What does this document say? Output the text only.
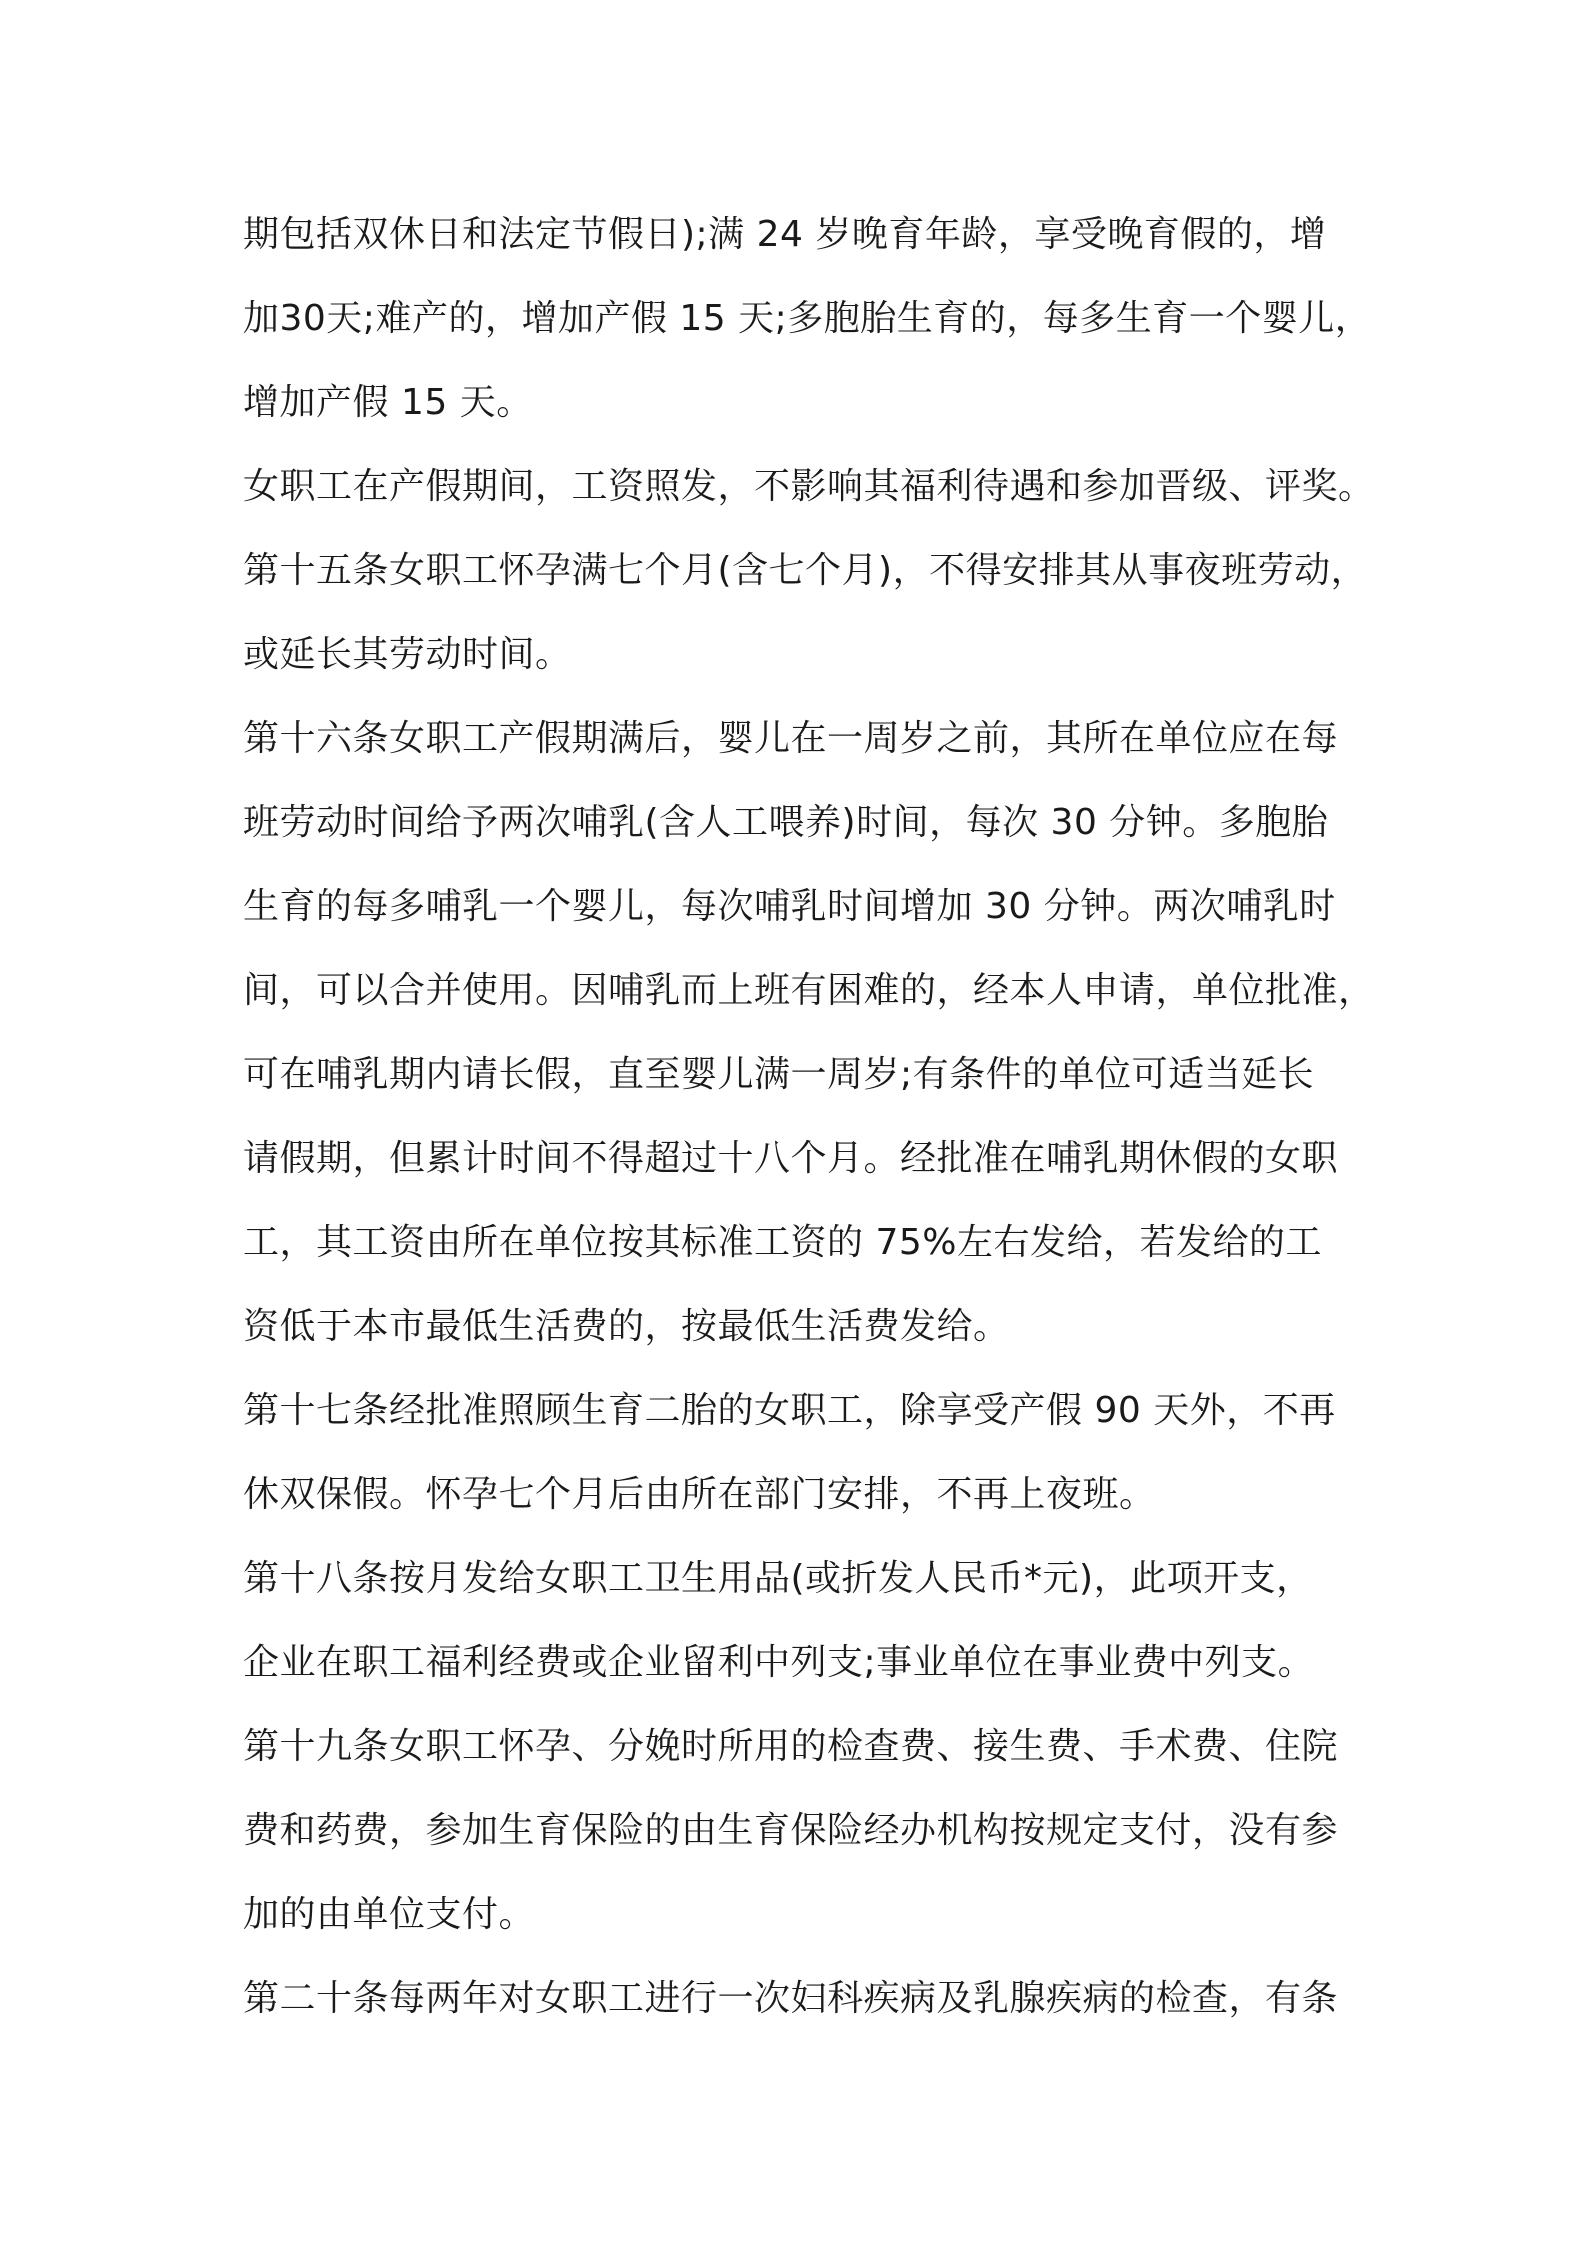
期包括双休日和法定节假日);满 24 岁晚育年龄，享受晚育假的，增
加30天;难产的，增加产假 15 天;多胞胎生育的，每多生育一个婴儿，
增加产假 15 天。
女职工在产假期间，工资照发，不影响其福利待遇和参加晋级、评奖。
第十五条女职工怀孕满七个月(含七个月)，不得安排其从事夜班劳动，
或延长其劳动时间。
第十六条女职工产假期满后，婴儿在一周岁之前，其所在单位应在每
班劳动时间给予两次哺乳(含人工喂养)时间，每次 30 分钟。多胞胎
生育的每多哺乳一个婴儿，每次哺乳时间增加 30 分钟。两次哺乳时
间，可以合并使用。因哺乳而上班有困难的，经本人申请，单位批准，
可在哺乳期内请长假，直至婴儿满一周岁;有条件的单位可适当延长
请假期，但累计时间不得超过十八个月。经批准在哺乳期休假的女职
工，其工资由所在单位按其标准工资的 75%左右发给，若发给的工
资低于本市最低生活费的，按最低生活费发给。
第十七条经批准照顾生育二胎的女职工，除享受产假 90 天外，不再
休双保假。怀孕七个月后由所在部门安排，不再上夜班。
第十八条按月发给女职工卫生用品(或折发人民币*元)，此项开支，
企业在职工福利经费或企业留利中列支;事业单位在事业费中列支。
第十九条女职工怀孕、分娩时所用的检查费、接生费、手术费、住院
费和药费，参加生育保险的由生育保险经办机构按规定支付，没有参
加的由单位支付。
第二十条每两年对女职工进行一次妇科疾病及乳腺疾病的检查，有条
